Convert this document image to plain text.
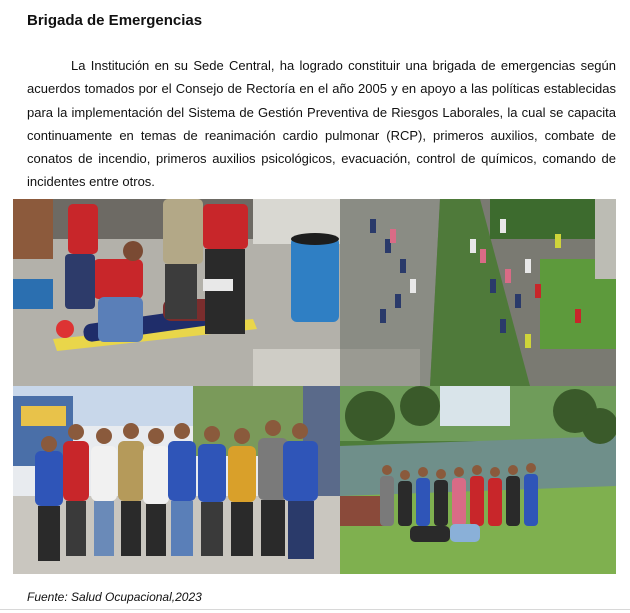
Brigada de Emergencias

La Institución en su Sede Central, ha logrado constituir una brigada de emergencias según acuerdos tomados por el Consejo de Rectoría en el año 2005 y en apoyo a las políticas establecidas para la implementación del Sistema de Gestión Preventiva de Riesgos Laborales, la cual se capacita continuamente en temas de reanimación cardio pulmonar (RCP), primeros auxilios, combate de conatos de incendio, primeros auxilios psicológicos, evacuación, control de químicos, comando de incidentes entre otros.

Fuente: Salud Ocupacional,2023
